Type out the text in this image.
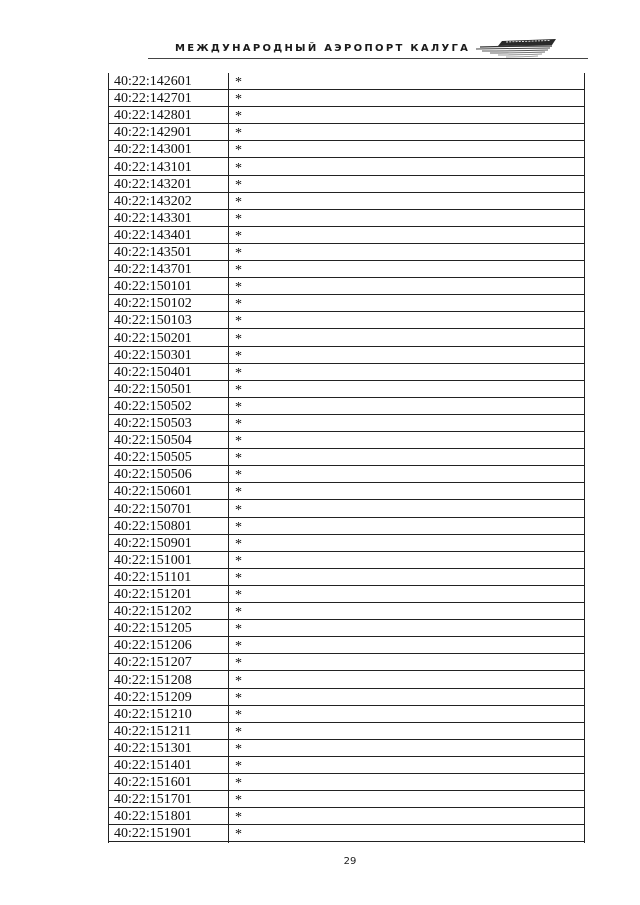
МЕЖДУНАРОДНЫЙ АЭРОПОРТ КАЛУГА
40:22:142601	*
40:22:142701	*
40:22:142801	*
40:22:142901	*
40:22:143001	*
40:22:143101	*
40:22:143201	*
40:22:143202	*
40:22:143301	*
40:22:143401	*
40:22:143501	*
40:22:143701	*
40:22:150101	*
40:22:150102	*
40:22:150103	*
40:22:150201	*
40:22:150301	*
40:22:150401	*
40:22:150501	*
40:22:150502	*
40:22:150503	*
40:22:150504	*
40:22:150505	*
40:22:150506	*
40:22:150601	*
40:22:150701	*
40:22:150801	*
40:22:150901	*
40:22:151001	*
40:22:151101	*
40:22:151201	*
40:22:151202	*
40:22:151205	*
40:22:151206	*
40:22:151207	*
40:22:151208	*
40:22:151209	*
40:22:151210	*
40:22:151211	*
40:22:151301	*
40:22:151401	*
40:22:151601	*
40:22:151701	*
40:22:151801	*
40:22:151901	*
29
